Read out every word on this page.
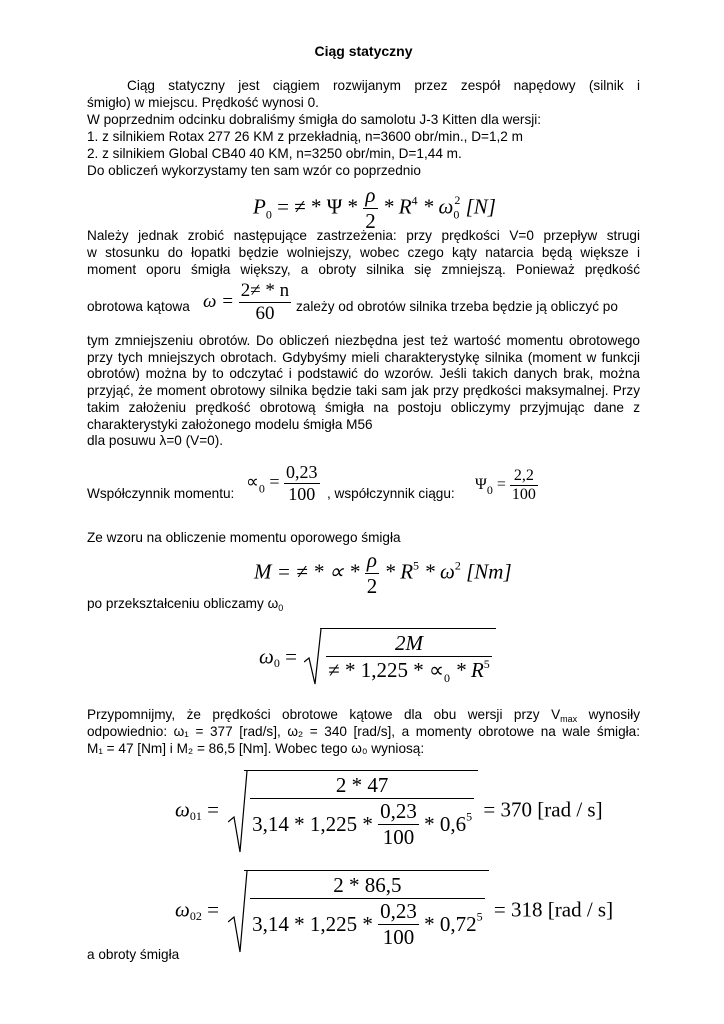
Ciąg statyczny
Ciąg statyczny jest ciągiem rozwijanym przez zespół napędowy (silnik i
śmigło) w miejscu. Prędkość wynosi 0.
W poprzednim odcinku dobraliśmy śmigła do samolotu J-3 Kitten dla wersji:
1. z silnikiem Rotax 277 26 KM z przekładnią, n=3600 obr/min., D=1,2 m
2. z silnikiem Global CB40 40 KM, n=3250 obr/min, D=1,44 m.
Do obliczeń wykorzystamy ten sam wzór co poprzednio
$P_0$ = ≠ * Ψ * $\frac{\rho}{2} * R^4 * \omega_0^2$ [N]
Należy jednak zrobić następujące zastrzeżenia: przy prędkości V=0 przepływ strugi
w stosunku do łopatki będzie wolniejszy, wobec czego kąty natarcia będą większe i
moment oporu śmigła większy, a obroty silnika się zmniejszą. Ponieważ prędkość
obrotowa kątowa $\omega = \frac{2\ne * n}{60}$ zależy od obrotów silnika trzeba będzie ją obliczyć po
tym zmniejszeniu obrotów. Do obliczeń niezbędna jest też wartość momentu obrotowego przy tych mniejszych obrotach. Gdybyśmy mieli charakterystykę silnika (moment w funkcji obrotów) można by to odczytać i podstawić do wzorów. Jeśli takich danych brak, można przyjąć, że moment obrotowy silnika będzie taki sam jak przy prędkości maksymalnej. Przy takim założeniu prędkość obrotową śmigła na postoju obliczymy przyjmując dane z charakterystyki założonego modelu śmigła M56
dla posuwu λ=0 (V=0).
Współczynnik momentu:
$\propto_0 = \frac{0,23}{100}$ , współczynnik ciągu:
$\Psi_0 = \frac{2,2}{100}$
Ze wzoru na obliczenie momentu oporowego śmigła
M = ≠ * ∝ * $\frac{\rho}{2} * R^5 * \omega^2$ [Nm]
po przekształceniu obliczamy $\omega_0$
$\omega_0 = \frac{2M}{\ne * 1,225 * \propto_0 * R^5}$
Przypomnijmy, że prędkości obrotowe kątowe dla obu wersji przy $V_{max}$ wynosiły
odpowiednio: ω₁ = 377 [rad/s], ω₂ = 340 [rad/s], a momenty obrotowe na wale śmigła:
M₁ = 47 [Nm] i M₂ = 86,5 [Nm]. Wobec tego ω₀ wyniosą:
$\omega_{01} = \frac{2 * 47}{3,14 * 1,225 * \frac{0,23}{100} * 0,6^5} = 370$ [rad / s]
$\omega_{02} = \frac{2 * 86,5}{3,14 * 1,225 * \frac{0,23}{100} * 0,72^5} = 318$ [rad / s]
a obroty śmigła
